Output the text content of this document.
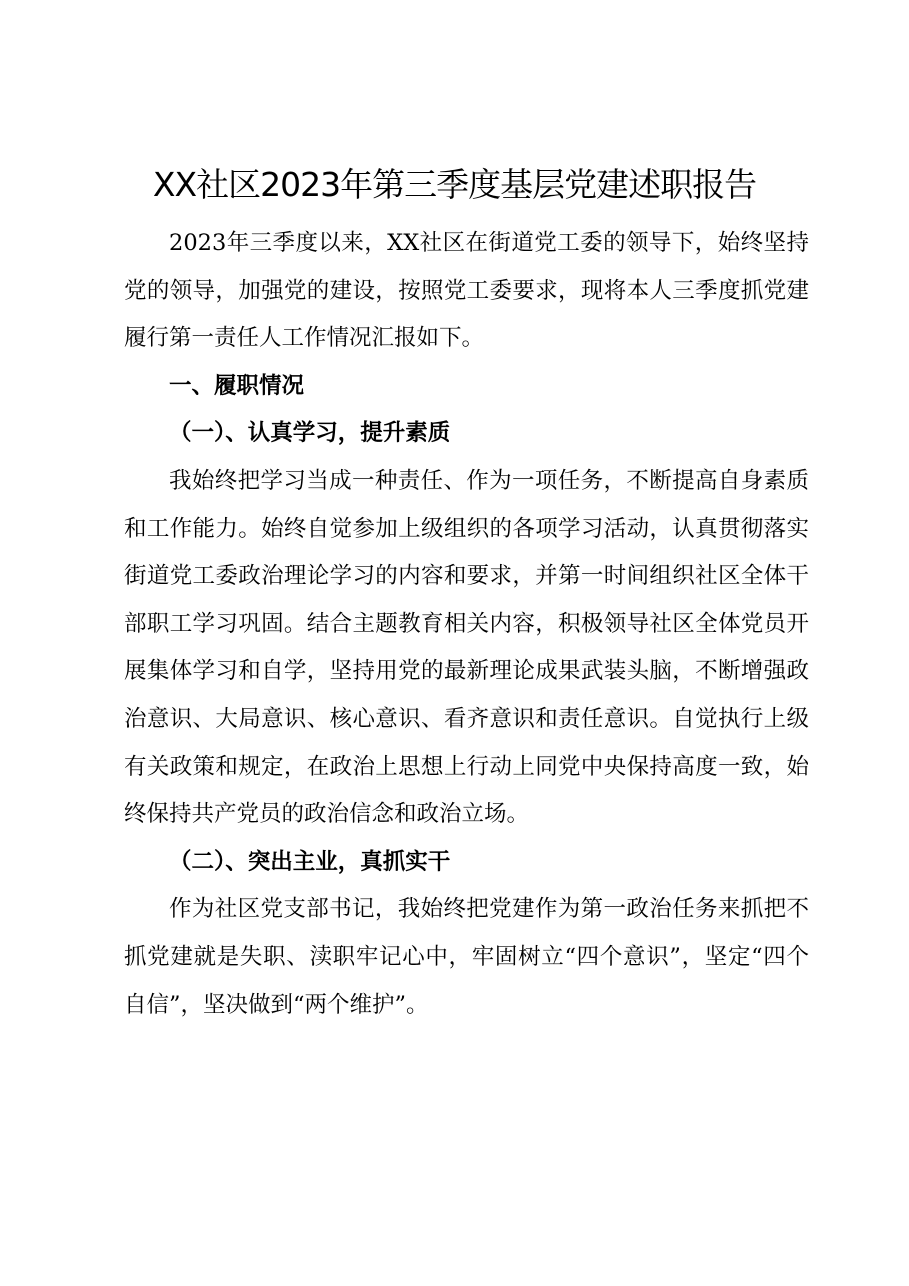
XX社区2023年第三季度基层党建述职报告

2023年三季度以来，XX社区在街道党工委的领导下，始终坚持党的领导，加强党的建设，按照党工委要求，现将本人三季度抓党建履行第一责任人工作情况汇报如下。

一、履职情况

（一）、认真学习，提升素质

我始终把学习当成一种责任、作为一项任务，不断提高自身素质和工作能力。始终自觉参加上级组织的各项学习活动，认真贯彻落实街道党工委政治理论学习的内容和要求，并第一时间组织社区全体干部职工学习巩固。结合主题教育相关内容，积极领导社区全体党员开展集体学习和自学，坚持用党的最新理论成果武装头脑，不断增强政治意识、大局意识、核心意识、看齐意识和责任意识。自觉执行上级有关政策和规定，在政治上思想上行动上同党中央保持高度一致，始终保持共产党员的政治信念和政治立场。

（二）、突出主业，真抓实干

作为社区党支部书记，我始终把党建作为第一政治任务来抓把不抓党建就是失职、渎职牢记心中，牢固树立“四个意识”，坚定“四个自信”，坚决做到“两个维护”。
